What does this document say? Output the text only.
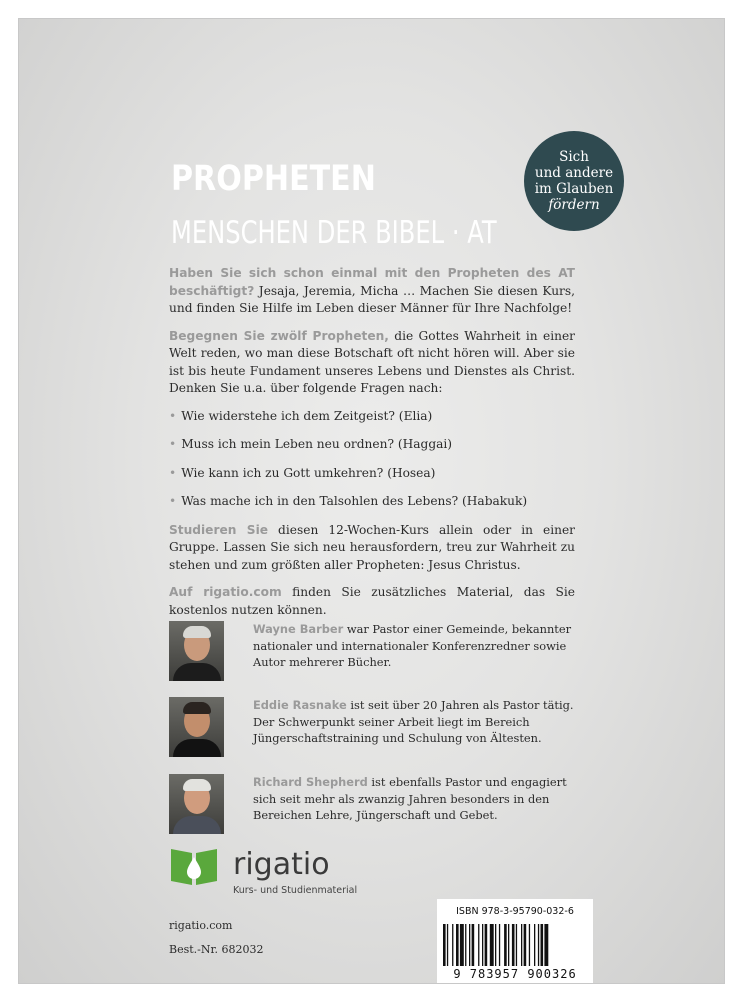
PROPHETEN
MENSCHEN DER BIBEL · AT
Sich
und andere
im Glauben
fördern

Haben Sie sich schon einmal mit den Propheten des AT beschäftigt? Jesaja, Jeremia, Micha … Machen Sie diesen Kurs, und finden Sie Hilfe im Leben dieser Männer für Ihre Nachfolge!

Begegnen Sie zwölf Propheten, die Gottes Wahrheit in einer Welt reden, wo man diese Botschaft oft nicht hören will. Aber sie ist bis heute Fundament unseres Lebens und Dienstes als Christ. Denken Sie u.a. über folgende Fragen nach:

• Wie widerstehe ich dem Zeitgeist? (Elia)
• Muss ich mein Leben neu ordnen? (Haggai)
• Wie kann ich zu Gott umkehren? (Hosea)
• Was mache ich in den Talsohlen des Lebens? (Habakuk)

Studieren Sie diesen 12-Wochen-Kurs allein oder in einer Gruppe. Lassen Sie sich neu herausfordern, treu zur Wahrheit zu stehen und zum größten aller Propheten: Jesus Christus.

Auf rigatio.com finden Sie zusätzliches Material, das Sie kostenlos nutzen können.

Wayne Barber war Pastor einer Gemeinde, bekannter nationaler und internationaler Konferenzredner sowie Autor mehrerer Bücher.
Eddie Rasnake ist seit über 20 Jahren als Pastor tätig. Der Schwerpunkt seiner Arbeit liegt im Bereich Jüngerschaftstraining und Schulung von Ältesten.
Richard Shepherd ist ebenfalls Pastor und engagiert sich seit mehr als zwanzig Jahren besonders in den Bereichen Lehre, Jüngerschaft und Gebet.
rigatio
Kurs- und Studienmaterial
rigatio.com
Best.-Nr. 682032
ISBN 978-3-95790-032-6
9 783957 900326
